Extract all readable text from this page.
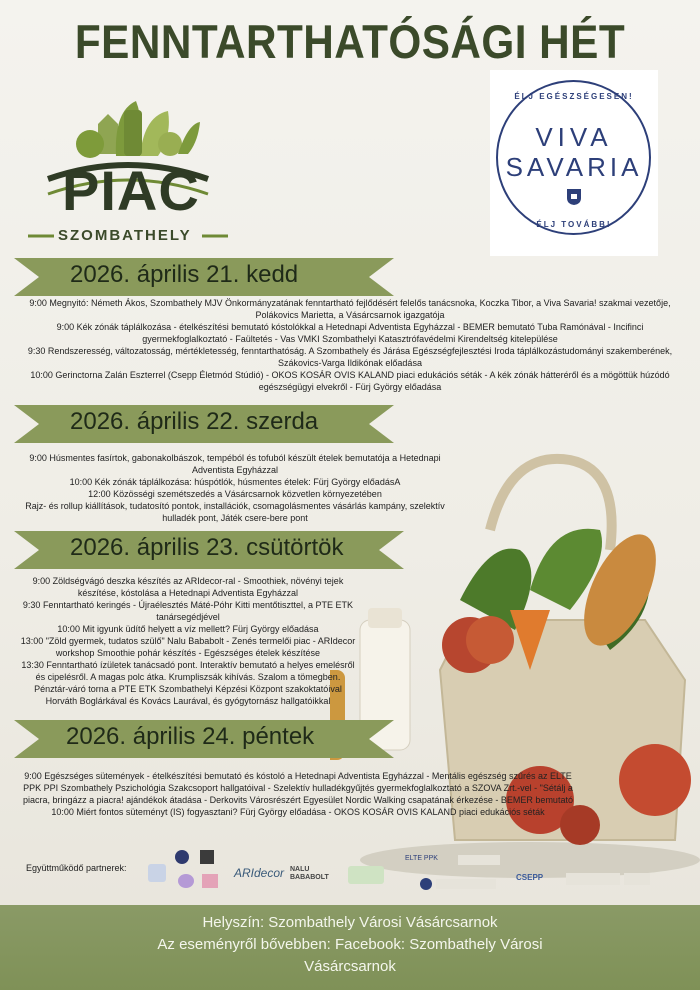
FENNTARTHATÓSÁGI HÉT
PIAC
SZOMBATHELY
ÉLJ EGÉSZSÉGESEN!
VIVA
SAVARIA
ÉLJ TOVÁBB!
2026. április 21. kedd

9:00 Megnyitó: Németh Ákos, Szombathely MJV Önkormányzatának fenntartható fejlődésért felelős tanácsnoka, Koczka Tibor, a Viva Savaria! szakmai vezetője, Polákovics Marietta, a Vásárcsarnok igazgatója

9:00 Kék zónák táplálkozása - ételkészítési bemutató kóstolókkal a Hetednapi Adventista Egyházzal - BEMER bemutató Tuba Ramónával - Incifinci gyermekfoglalkoztató - Faültetés - Vas VMKI Szombathelyi Katasztrófavédelmi Kirendeltség kitelepülése

9:30 Rendszeresség, változatosság, mértékletesség, fenntarthatóság. A Szombathely és Járása Egészségfejlesztési Iroda táplálkozástudományi szakemberének, Szákovics-Varga Ildikónak előadása

10:00 Gerinctorna Zalán Eszterrel (Csepp Életmód Stúdió) - OKOS KOSÁR OVIS KALAND piaci edukációs séták - A kék zónák hátteréről és a mögöttük húzódó egészségügyi elvekről - Fürj György előadása

2026. április 22. szerda

9:00 Húsmentes fasírtok, gabonakolbászok, tempéból és tofuból készült ételek bemutatója a Hetednapi Adventista Egyházzal

10:00 Kék zónák táplálkozása: húspótlók, húsmentes ételek: Fürj György előadásA

12:00 Közösségi szemétszedés a Vásárcsarnok közvetlen környezetében

Rajz- és rollup kiállítások, tudatosító pontok, installációk, csomagolásmentes vásárlás kampány, szelektív hulladék pont, Játék csere-bere pont

2026. április 23. csütörtök

9:00 Zöldségvágó deszka készítés az ARIdecor-ral - Smoothiek, növényi tejek készítése, kóstolása a Hetednapi Adventista Egyházzal

9:30 Fenntartható keringés - Újraélesztés Máté-Póhr Kitti mentőtiszttel, a PTE ETK tanársegédjével

10:00 Mit igyunk üdítő helyett a víz mellett? Fürj György előadása

13:00 "Zöld gyermek, tudatos szülő" Nalu Bababolt - Zenés termelői piac - ARIdecor workshop Smoothie pohár készítés - Egészséges ételek készítése

13:30 Fenntartható ízületek tanácsadó pont. Interaktív bemutató a helyes emelésről és cipelésről. A magas polc átka. Krumpliszsák kihívás. Szalom a tömegben. Pénztár-váró torna a PTE ETK Szombathelyi Képzési Központ szakoktatóival Horváth Boglárkával és Kovács Laurával, és gyógytornász hallgatóikkal

2026. április 24. péntek

9:00 Egészséges sütemények - ételkészítési bemutató és kóstoló a Hetednapi Adventista Egyházzal - Mentális egészség szűrés az ELTE PPK PPI Szombathely Pszichológia Szakcsoport hallgatóival - Szelektív hulladékgyűjtés gyermekfoglalkoztató a SZOVA Zrt.-vel - "Sétálj a piacra, bringázz a piacra! ajándékok átadása - Derkovits Városrészért Egyesület Nordic Walking csapatának érkezése - BEMER bemutató

10:00 Miért fontos süteményt (IS) fogyasztani? Fürj György előadása - OKOS KOSÁR OVIS KALAND piaci edukációs séták

Együttműködő partnerek:	ARIdecor NALU BABABOLT
ELTE PPK
CSEPP

Helyszín: Szombathely Városi Vásárcsarnok

Az eseményről bővebben: Facebook: Szombathely Városi

Vásárcsarnok
